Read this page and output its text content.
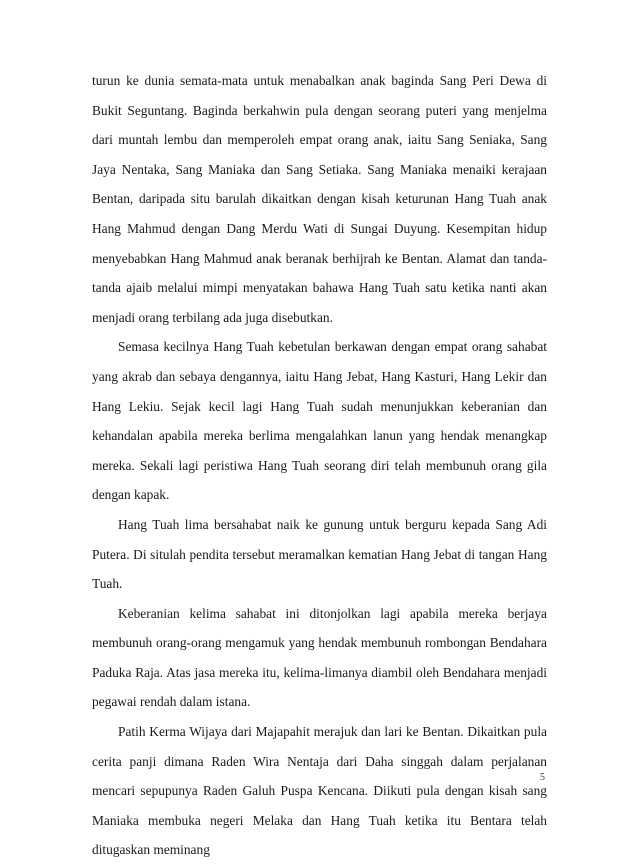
turun ke dunia semata-mata untuk menabalkan anak baginda Sang Peri Dewa di Bukit Seguntang. Baginda berkahwin pula dengan seorang puteri yang menjelma dari muntah lembu dan memperoleh empat orang anak, iaitu Sang Seniaka, Sang Jaya Nentaka, Sang Maniaka dan Sang Setiaka. Sang Maniaka menaiki kerajaan Bentan, daripada situ barulah dikaitkan dengan kisah keturunan Hang Tuah anak Hang Mahmud dengan Dang Merdu Wati di Sungai Duyung. Kesempitan hidup menyebabkan Hang Mahmud anak beranak berhijrah ke Bentan. Alamat dan tanda-tanda ajaib melalui mimpi menyatakan bahawa Hang Tuah satu ketika nanti akan menjadi orang terbilang ada juga disebutkan.

Semasa kecilnya Hang Tuah kebetulan berkawan dengan empat orang sahabat yang akrab dan sebaya dengannya, iaitu Hang Jebat, Hang Kasturi, Hang Lekir dan Hang Lekiu. Sejak kecil lagi Hang Tuah sudah menunjukkan keberanian dan kehandalan apabila mereka berlima mengalahkan lanun yang hendak menangkap mereka. Sekali lagi peristiwa Hang Tuah seorang diri telah membunuh orang gila dengan kapak.

Hang Tuah lima bersahabat naik ke gunung untuk berguru kepada Sang Adi Putera. Di situlah pendita tersebut meramalkan kematian Hang Jebat di tangan Hang Tuah.

Keberanian kelima sahabat ini ditonjolkan lagi apabila mereka berjaya membunuh orang-orang mengamuk yang hendak membunuh rombongan Bendahara Paduka Raja. Atas jasa mereka itu, kelima-limanya diambil oleh Bendahara menjadi pegawai rendah dalam istana.

Patih Kerma Wijaya dari Majapahit merajuk dan lari ke Bentan. Dikaitkan pula cerita panji dimana Raden Wira Nentaja dari Daha singgah dalam perjalanan mencari sepupunya Raden Galuh Puspa Kencana. Diikuti pula dengan kisah sang Maniaka membuka negeri Melaka dan Hang Tuah ketika itu Bentara telah ditugaskan meminang

5
